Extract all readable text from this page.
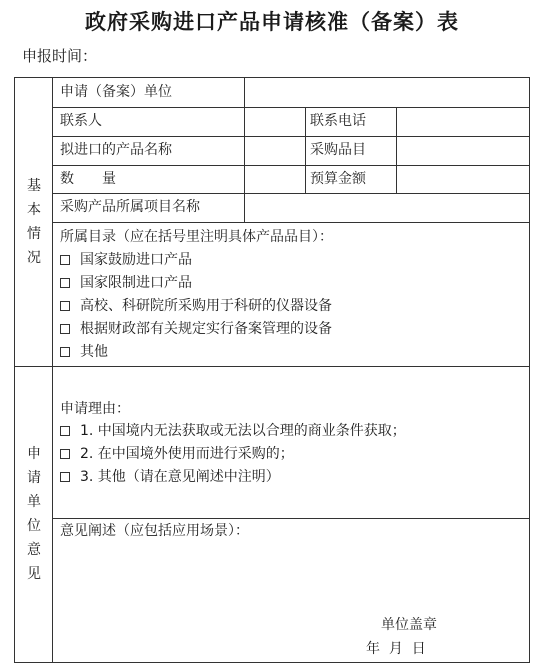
政府采购进口产品申请核准（备案）表
申报时间：
基本情况
申请单位意见
申请（备案）单位
联系人	联系电话
拟进口的产品名称	采购品目
数　　量	预算金额
采购产品所属项目名称
所属目录（应在括号里注明具体产品品目）：
国家鼓励进口产品
国家限制进口产品
高校、科研院所采购用于科研的仪器设备
根据财政部有关规定实行备案管理的设备
其他
申请理由：
1. 中国境内无法获取或无法以合理的商业条件获取；
2. 在中国境外使用而进行采购的；
3. 其他（请在意见阐述中注明）
意见阐述（应包括应用场景）：
单位盖章
年  月  日
